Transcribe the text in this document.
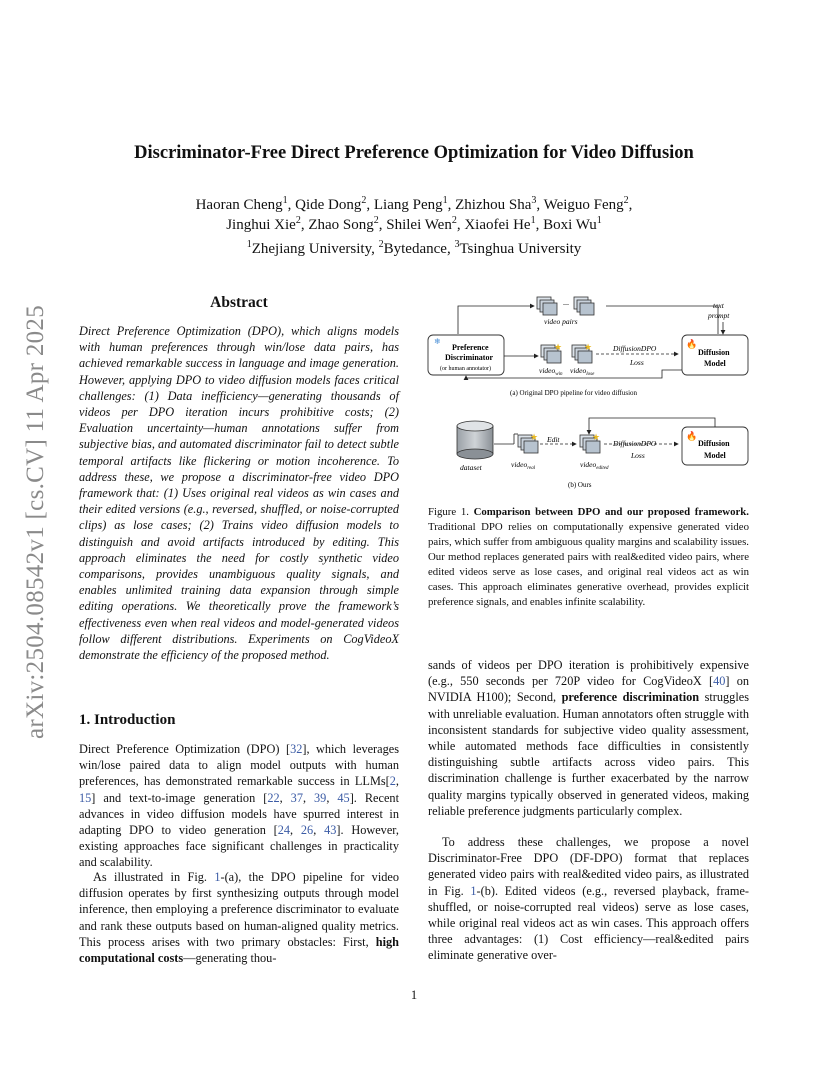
arXiv:2504.08542v1 [cs.CV] 11 Apr 2025
Discriminator-Free Direct Preference Optimization for Video Diffusion
Haoran Cheng$^1$, Qide Dong$^2$, Liang Peng$^1$, Zhizhou Sha$^3$, Weiguo Feng$^2$,
Jinghui Xie$^2$, Zhao Song$^2$, Shilei Wen$^2$, Xiaofei He$^1$, Boxi Wu$^1$
$^1$Zhejiang University, $^2$Bytedance, $^3$Tsinghua University
Abstract
Direct Preference Optimization (DPO), which aligns models with human preferences through win/lose data pairs, has achieved remarkable success in language and image generation. However, applying DPO to video diffusion models faces critical challenges: (1) Data inefficiency—generating thousands of videos per DPO iteration incurs prohibitive costs; (2) Evaluation uncertainty—human annotations suffer from subjective bias, and automated discriminator fail to detect subtle temporal artifacts like flickering or motion incoherence. To address these, we propose a discriminator-free video DPO framework that: (1) Uses original real videos as win cases and their edited versions (e.g., reversed, shuffled, or noise-corrupted clips) as lose cases; (2) Trains video diffusion models to distinguish and avoid artifacts introduced by editing. This approach eliminates the need for costly synthetic video comparisons, provides unambiguous quality signals, and enables unlimited training data expansion through simple editing operations. We theoretically prove the framework’s effectiveness even when real videos and model-generated videos follow different distributions. Experiments on CogVideoX demonstrate the efficiency of the proposed method.
1. Introduction
Direct Preference Optimization (DPO) [32], which leverages win/lose paired data to align model outputs with human preferences, has demonstrated remarkable success in LLMs[2, 15] and text-to-image generation [22, 37, 39, 45]. Recent advances in video diffusion models have spurred interest in adapting DPO to video generation [24, 26, 43]. However, existing approaches face significant challenges in practicality and scalability.
As illustrated in Fig. 1-(a), the DPO pipeline for video diffusion operates by first synthesizing outputs through model inference, then employing a preference discriminator to evaluate and rank these outputs based on human-aligned quality metrics. This process arises with two primary obstacles: First, high computational costs—generating thou-
sands of videos per DPO iteration is prohibitively expensive (e.g., 550 seconds per 720P video for CogVideoX [40] on NVIDIA H100); Second, preference discrimination struggles with unreliable evaluation. Human annotators often struggle with inconsistent standards for subjective video quality assessment, while automated methods face difficulties in consistently distinguishing subtle artifacts across video pairs. This discrimination challenge is further exacerbated by the narrow quality margins typically observed in generated videos, making reliable preference judgments particularly complex.
To address these challenges, we propose a novel Discriminator-Free DPO (DF-DPO) format that replaces generated video pairs with real&edited video pairs, as illustrated in Fig. 1-(b). Edited videos (e.g., reversed playback, frame-shuffled, or noise-corrupted real videos) serve as lose cases, while original real videos act as win cases. This approach offers three advantages: (1) Cost efficiency—real&edited pairs eliminate generative over-
...
video pairs
text
prompt
❄
Preference
Discriminator
(or human annotator)
★ ★
video$_{win}$ video$_{lose}$
DiffusionDPO
Loss
🔥
Diffusion
Model
(a) Original DPO pipeline for video diffusion
dataset
★
video$_{real}$
Edit	★
video$_{edited}$
DiffusionDPO
Loss
🔥
Diffusion
Model
(b) Ours
Figure 1. Comparison between DPO and our proposed framework. Traditional DPO relies on computationally expensive generated video pairs, which suffer from ambiguous quality margins and scalability issues. Our method replaces generated pairs with real&edited video pairs, where edited videos serve as lose cases, and original real videos act as win cases. This approach eliminates generative overhead, provides explicit preference signals, and enables infinite scalability.
1
